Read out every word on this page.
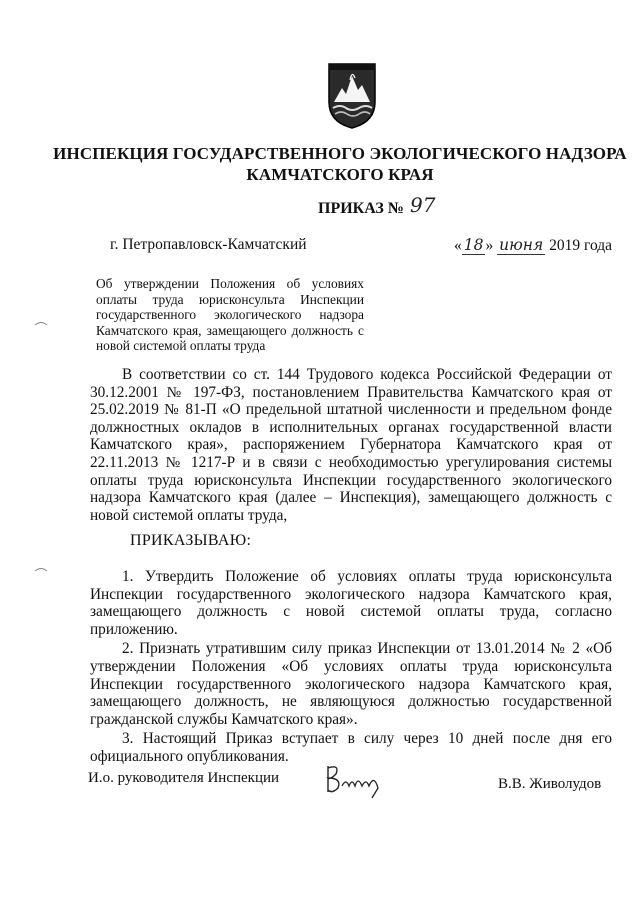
ИНСПЕКЦИЯ ГОСУДАРСТВЕННОГО ЭКОЛОГИЧЕСКОГО НАДЗОРА
КАМЧАТСКОГО КРАЯ
ПРИКАЗ № 97
г. Петропавловск-Камчатский	« 18 » июня 2019 года
Об утверждении Положения об условиях оплаты труда юрисконсульта Инспекции государственного экологического надзора Камчатского края, замещающего должность с новой системой оплаты труда

В соответствии со ст. 144 Трудового кодекса Российской Федерации от 30.12.2001 № 197-ФЗ, постановлением Правительства Камчатского края от 25.02.2019 № 81-П «О предельной штатной численности и предельном фонде должностных окладов в исполнительных органах государственной власти Камчатского края», распоряжением Губернатора Камчатского края от 22.11.2013 № 1217-Р и в связи с необходимостью урегулирования системы оплаты труда юрисконсульта Инспекции государственного экологического надзора Камчатского края (далее – Инспекция), замещающего должность с новой системой оплаты труда,

ПРИКАЗЫВАЮ:

1. Утвердить Положение об условиях оплаты труда юрисконсульта Инспекции государственного экологического надзора Камчатского края, замещающего должность с новой системой оплаты труда, согласно приложению.

2. Признать утратившим силу приказ Инспекции от 13.01.2014 № 2 «Об утверждении Положения «Об условиях оплаты труда юрисконсульта Инспекции государственного экологического надзора Камчатского края, замещающего должность, не являющуюся должностью государственной гражданской службы Камчатского края».

3. Настоящий Приказ вступает в силу через 10 дней после дня его официального опубликования.

И.о. руководителя Инспекции	В.В. Живолудов
